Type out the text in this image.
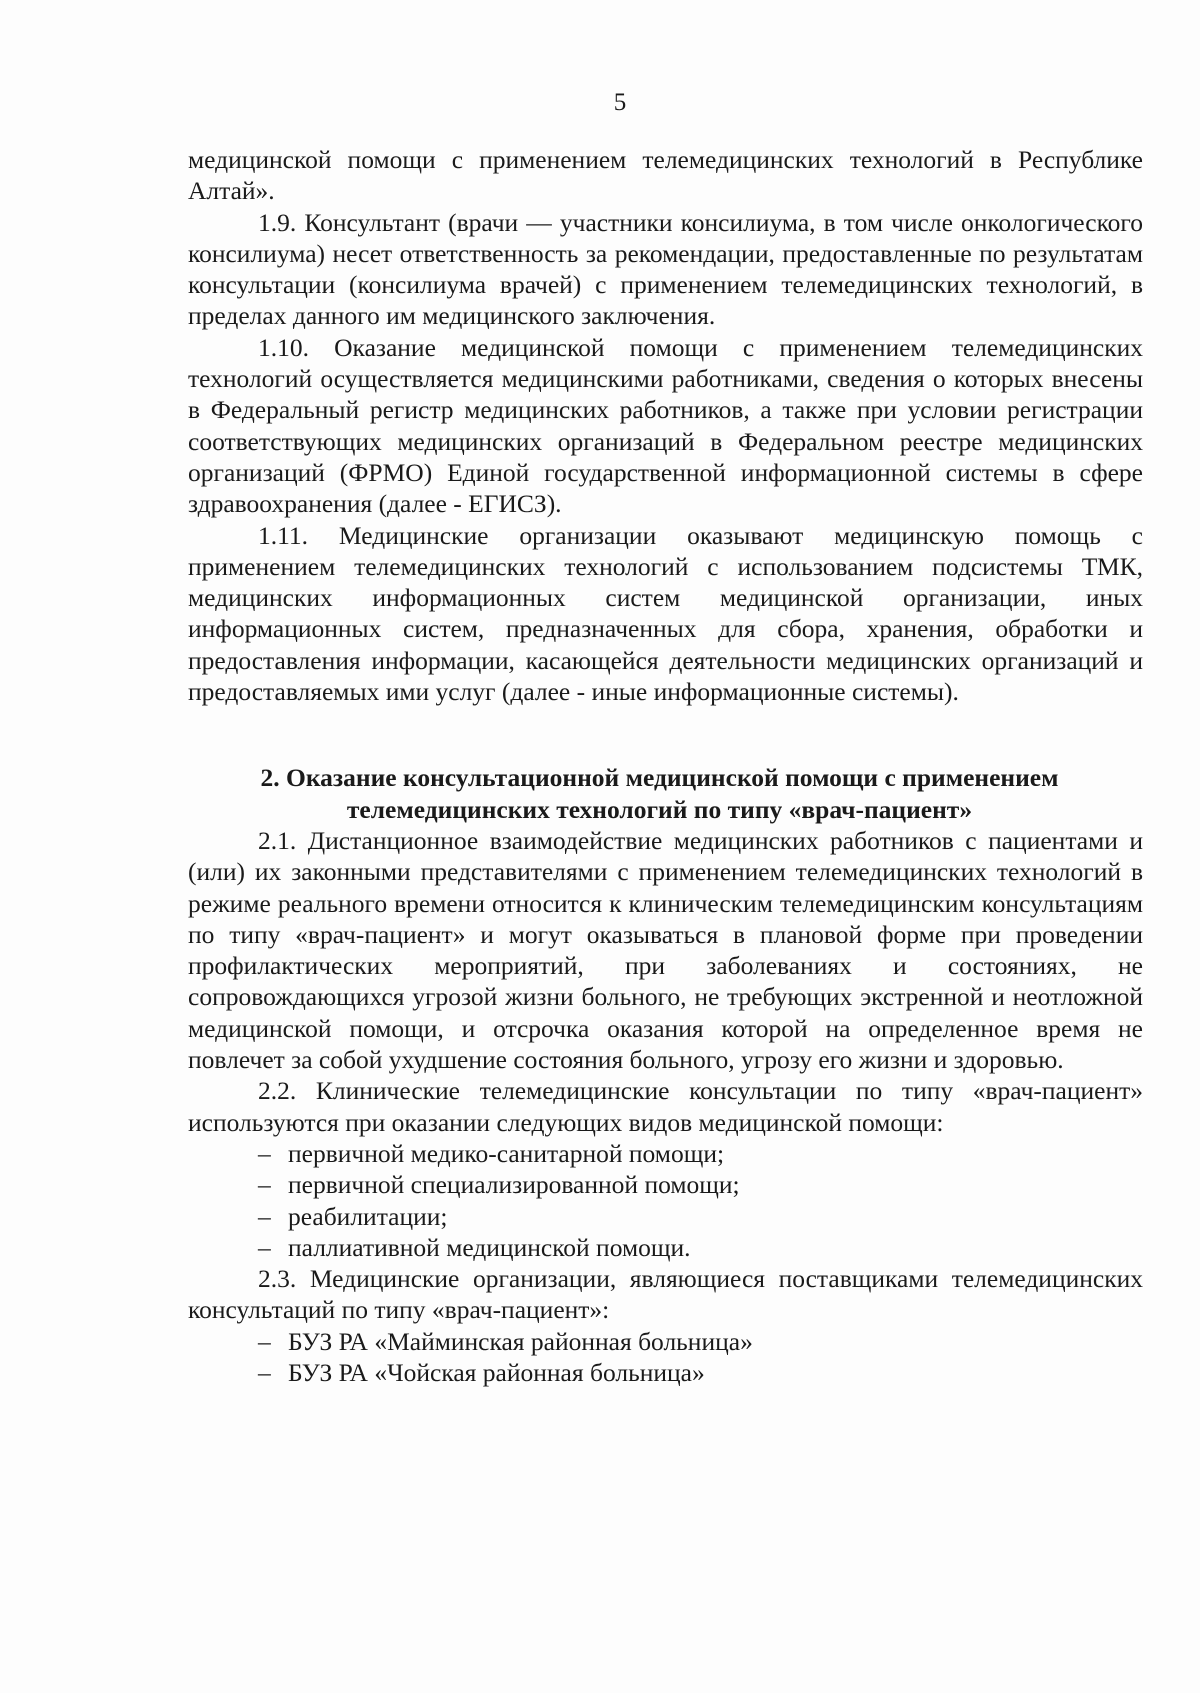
5

медицинской помощи с применением телемедицинских технологий в Республике Алтай».

1.9. Консультант (врачи — участники консилиума, в том числе онкологического консилиума) несет ответственность за рекомендации, предоставленные по результатам консультации (консилиума врачей) с применением телемедицинских технологий, в пределах данного им медицинского заключения.

1.10. Оказание медицинской помощи с применением телемедицинских технологий осуществляется медицинскими работниками, сведения о которых внесены в Федеральный регистр медицинских работников, а также при условии регистрации соответствующих медицинских организаций в Федеральном реестре медицинских организаций (ФРМО) Единой государственной информационной системы в сфере здравоохранения (далее - ЕГИСЗ).

1.11. Медицинские организации оказывают медицинскую помощь с применением телемедицинских технологий с использованием подсистемы ТМК, медицинских информационных систем медицинской организации, иных информационных систем, предназначенных для сбора, хранения, обработки и предоставления информации, касающейся деятельности медицинских организаций и предоставляемых ими услуг (далее - иные информационные системы).

2. Оказание консультационной медицинской помощи с применением
телемедицинских технологий по типу «врач-пациент»

2.1. Дистанционное взаимодействие медицинских работников с пациентами и (или) их законными представителями с применением телемедицинских технологий в режиме реального времени относится к клиническим телемедицинским консультациям по типу «врач-пациент» и могут оказываться в плановой форме при проведении профилактических мероприятий, при заболеваниях и состояниях, не сопровождающихся угрозой жизни больного, не требующих экстренной и неотложной медицинской помощи, и отсрочка оказания которой на определенное время не повлечет за собой ухудшение состояния больного, угрозу его жизни и здоровью.

2.2. Клинические телемедицинские консультации по типу «врач-пациент» используются при оказании следующих видов медицинской помощи:

– первичной медико-санитарной помощи;
– первичной специализированной помощи;
– реабилитации;
– паллиативной медицинской помощи.

2.3. Медицинские организации, являющиеся поставщиками телемедицинских консультаций по типу «врач-пациент»:

– БУЗ РА «Майминская районная больница»
– БУЗ РА «Чойская районная больница»
